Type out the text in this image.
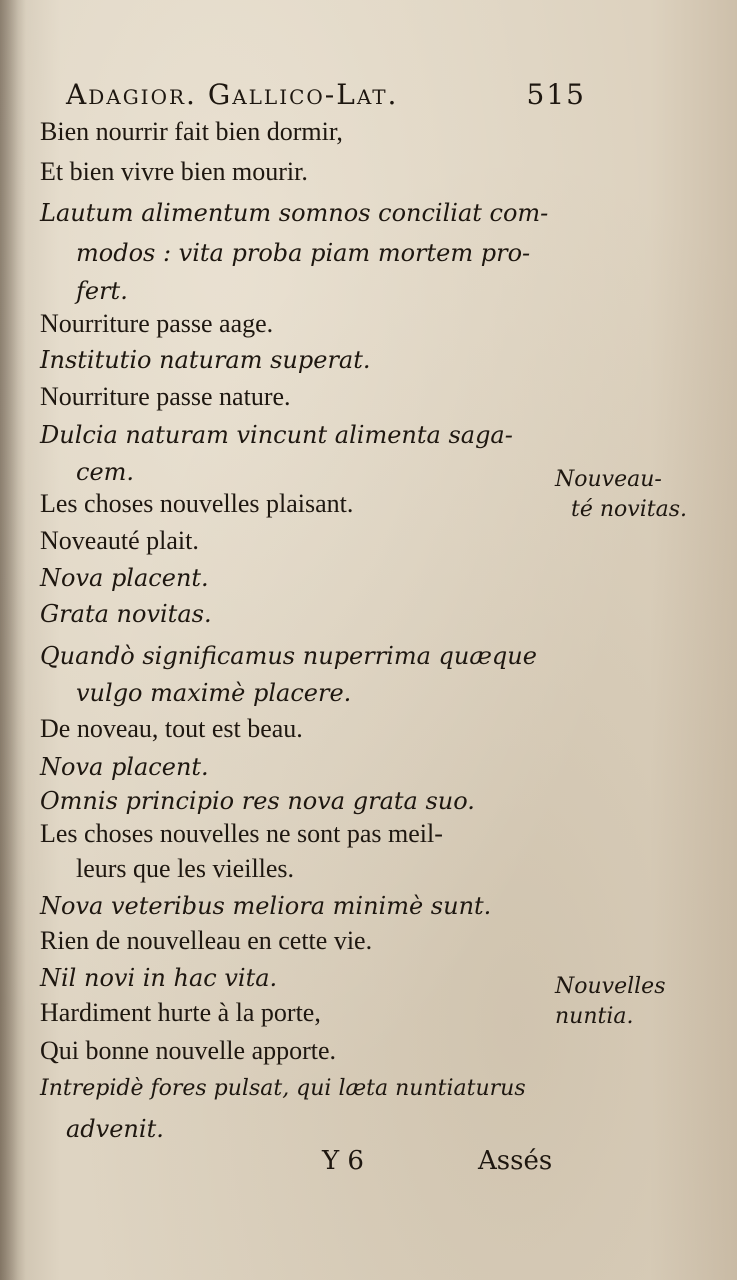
Adagior. Gallico-Lat.	515
Bien nourrir fait bien dormir,
Et bien vivre bien mourir.
Lautum alimentum somnos conciliat com-
modos : vita proba piam mortem pro-
fert.
Nourriture passe aage.
Institutio naturam superat.
Nourriture passe nature.
Dulcia naturam vincunt alimenta saga-
cem.
Les choses nouvelles plaisant.
Noveauté plait.
Nova placent.
Grata novitas.
Quandò significamus nuperrima quæque
vulgo maximè placere.
De noveau, tout est beau.
Nova placent.
Omnis principio res nova grata suo.
Les choses nouvelles ne sont pas meil-
leurs que les vieilles.
Nova veteribus meliora minimè sunt.
Rien de nouvelleau en cette vie.
Nil novi in hac vita.
Hardiment hurte à la porte,
Qui bonne nouvelle apporte.
Intrepidè fores pulsat, qui læta nuntiaturus
advenit.
Nouveau-
té novitas.
Nouvelles
nuntia.
Y 6	Assés
